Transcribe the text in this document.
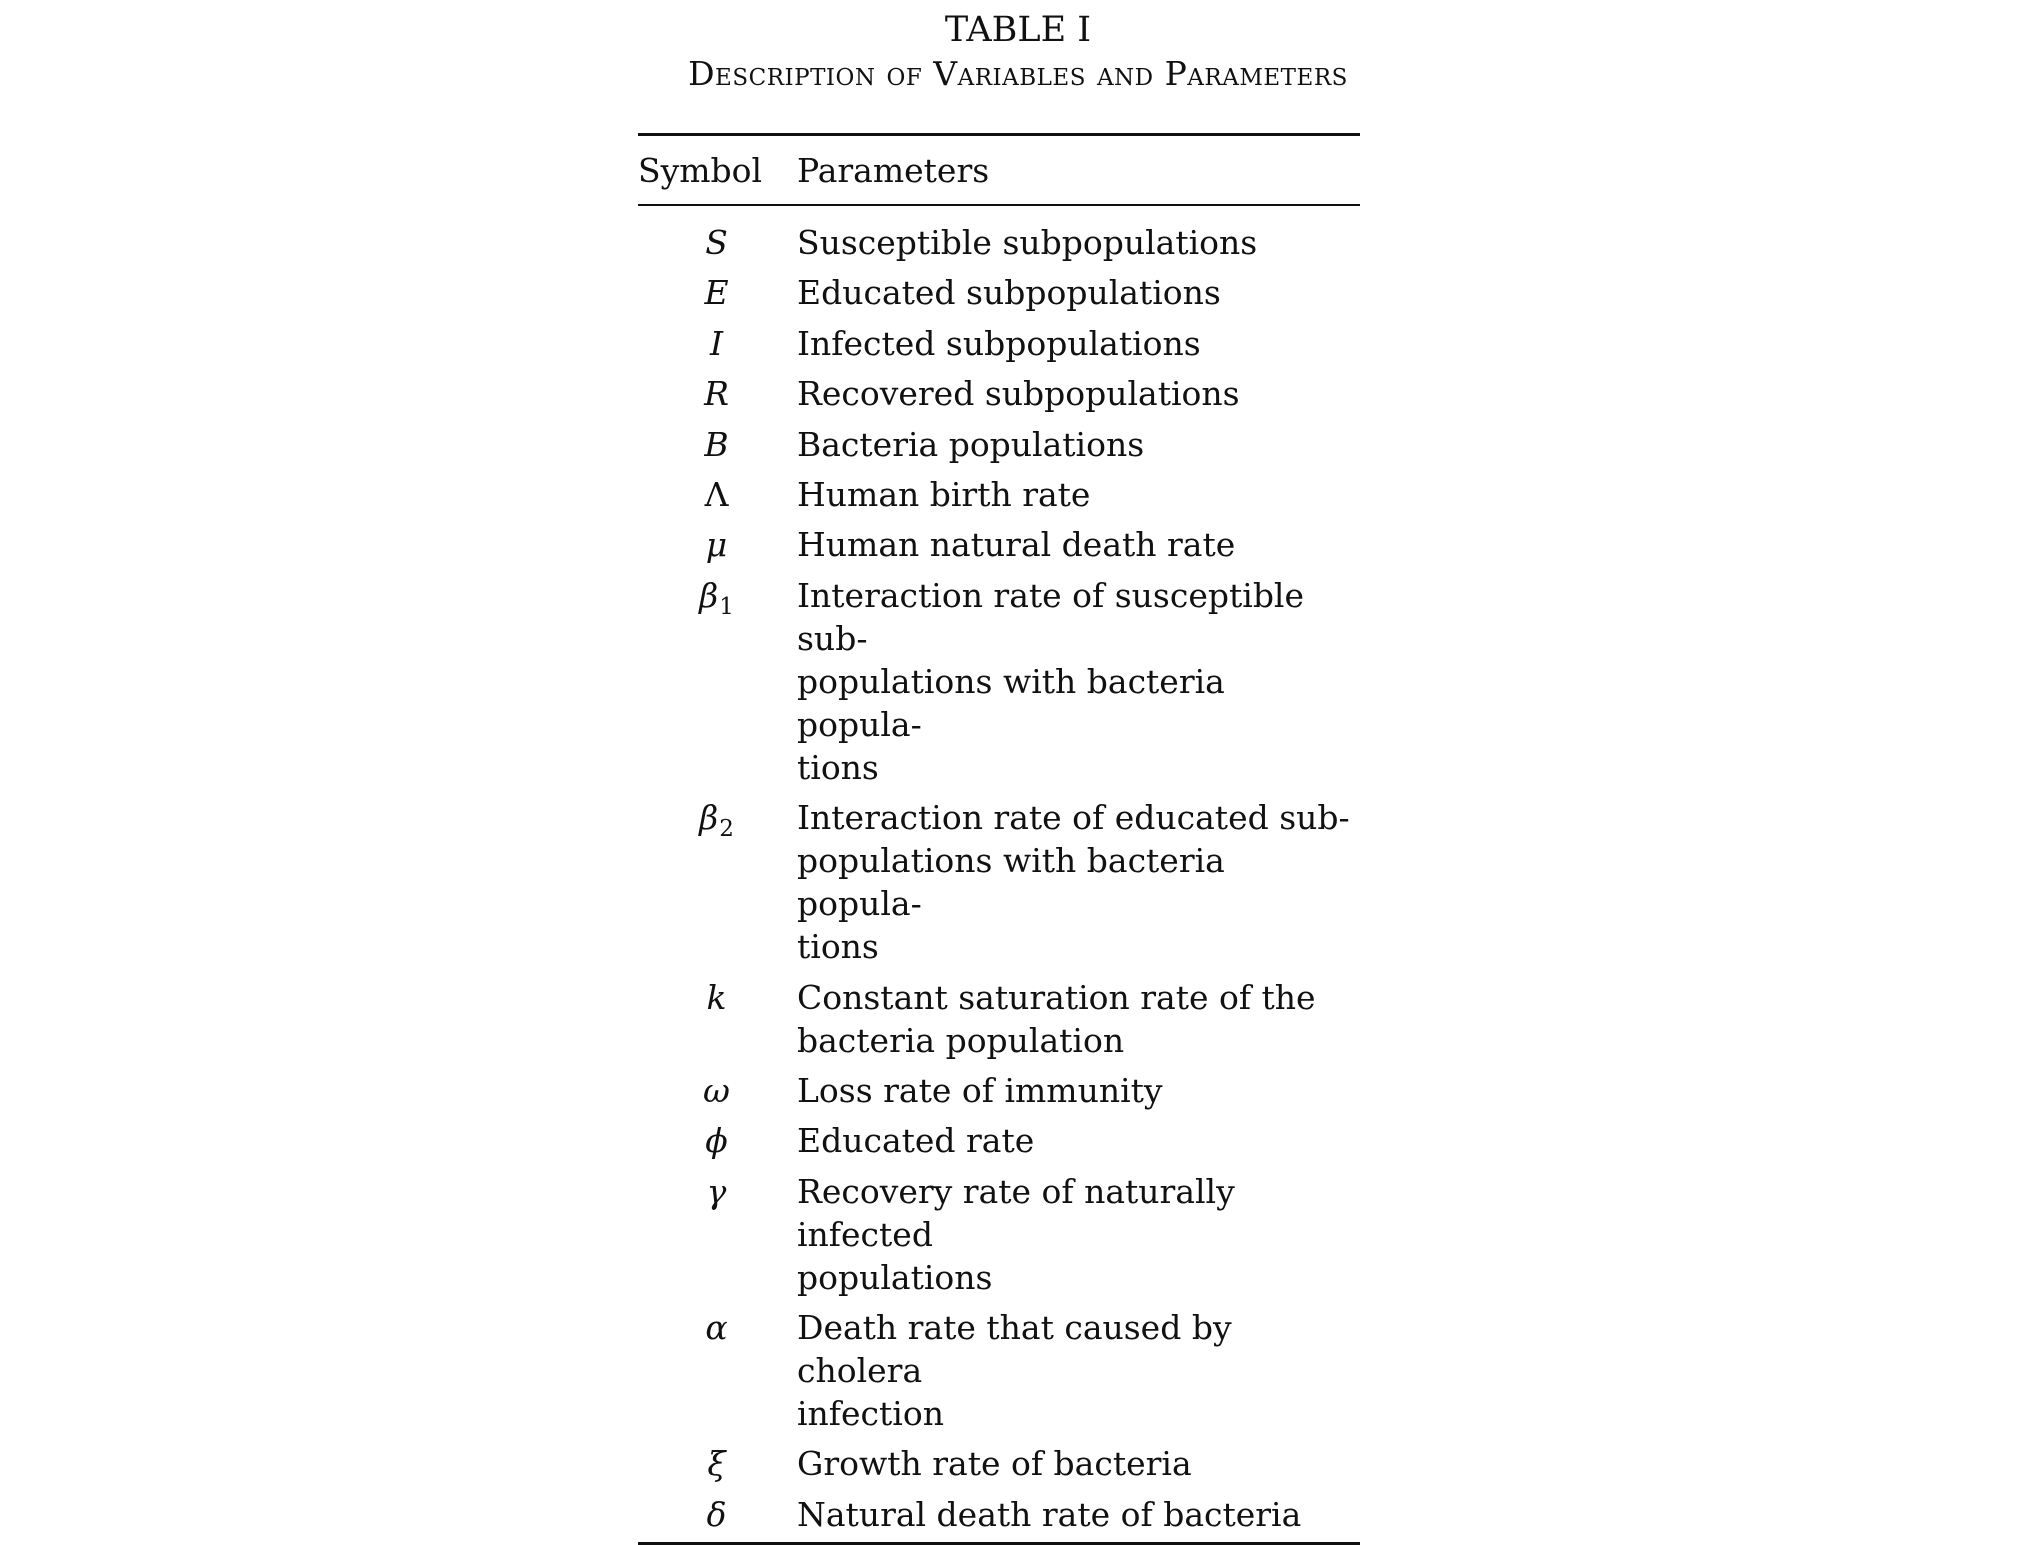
TABLE I
Description of Variables and Parameters
Symbol	Parameters
S	Susceptible subpopulations
E	Educated subpopulations
I	Infected subpopulations
R	Recovered subpopulations
B	Bacteria populations
Λ	Human birth rate
μ	Human natural death rate
$\beta_1$	Interaction rate of susceptible sub-
populations with bacteria popula-
tions
$\beta_2$	Interaction rate of educated sub-
populations with bacteria popula-
tions
k	Constant saturation rate of the
bacteria population
ω	Loss rate of immunity
ϕ	Educated rate
γ	Recovery rate of naturally infected
populations
α	Death rate that caused by cholera
infection
ξ	Growth rate of bacteria
δ	Natural death rate of bacteria
